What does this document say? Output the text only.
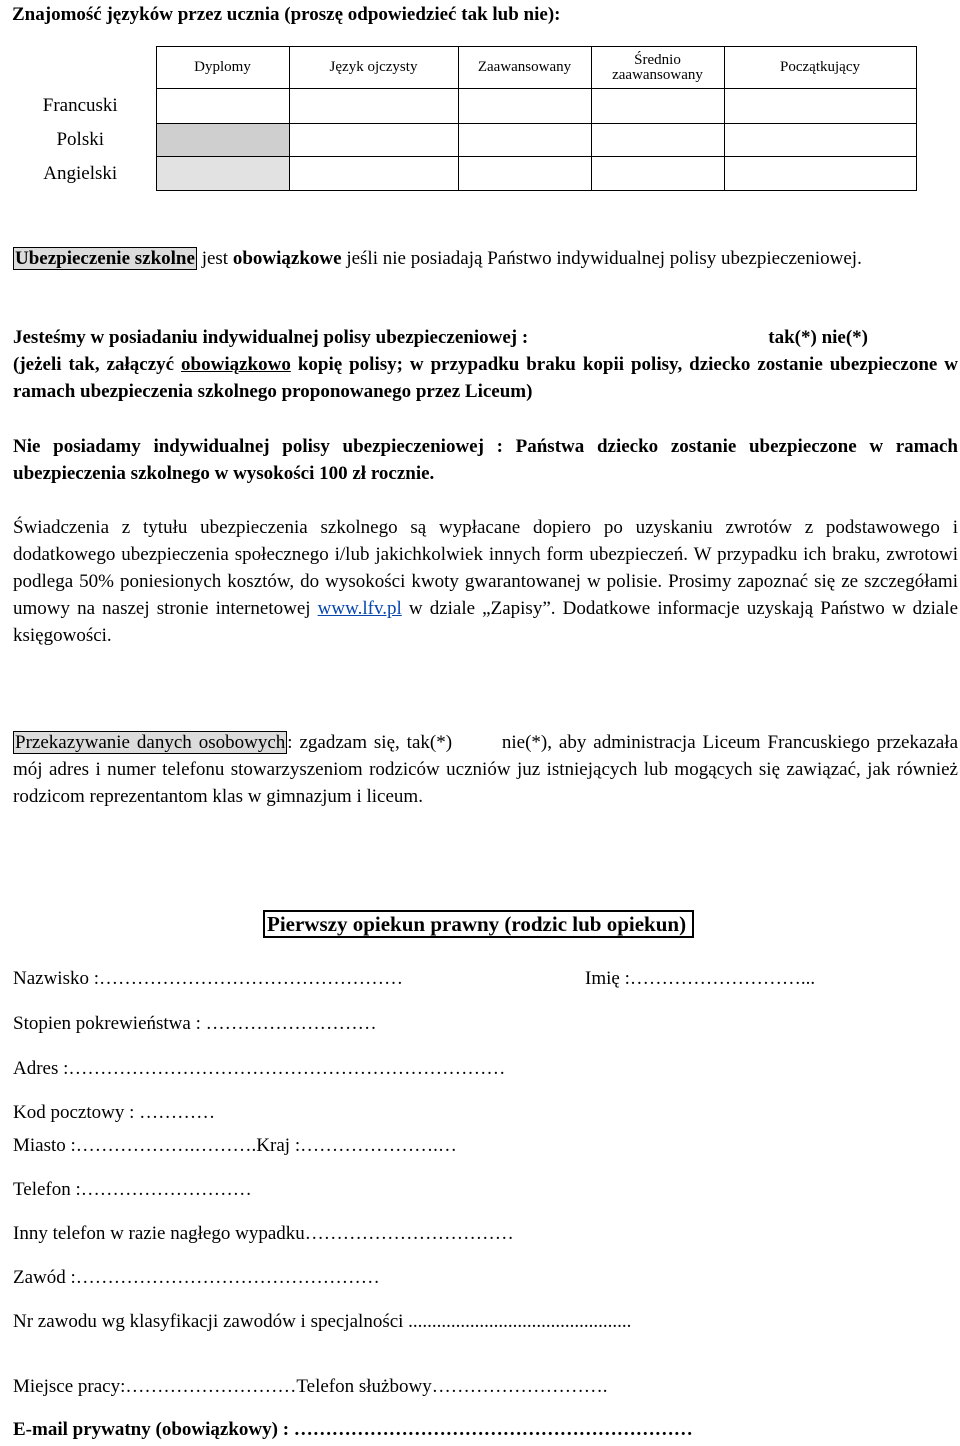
Znajomość języków przez ucznia (proszę odpowiedzieć tak lub nie):
	Dyplomy	Język ojczysty	Zaawansowany	Średnio zaawansowany	Początkujący
Francuski					
Polski					
Angielski					
Ubezpieczenie szkolne jest obowiązkowe jeśli nie posiadają Państwo indywidualnej polisy ubezpieczeniowej.
Jesteśmy w posiadaniu indywidualnej polisy ubezpieczeniowej :	tak(*) nie(*)
(jeżeli tak, załączyć obowiązkowo kopię polisy; w przypadku braku kopii polisy, dziecko zostanie ubezpieczone w ramach ubezpieczenia szkolnego proponowanego przez Liceum)
Nie posiadamy indywidualnej polisy ubezpieczeniowej : Państwa dziecko zostanie ubezpieczone w ramach ubezpieczenia szkolnego w wysokości 100 zł rocznie.
Świadczenia z tytułu ubezpieczenia szkolnego są wypłacane dopiero po uzyskaniu zwrotów z podstawowego i dodatkowego ubezpieczenia społecznego i/lub jakichkolwiek innych form ubezpieczeń. W przypadku ich braku, zwrotowi podlega 50% poniesionych kosztów, do wysokości kwoty gwarantowanej w polisie. Prosimy zapoznać się ze szczegółami umowy na naszej stronie internetowej www.lfv.pl w dziale „Zapisy”. Dodatkowe informacje uzyskają Państwo w dziale księgowości.
Przekazywanie danych osobowych : zgadzam się, tak(*)	nie(*), aby administracja Liceum Francuskiego przekazała mój adres i numer telefonu stowarzyszeniom rodziców uczniów juz istniejących lub mogących się zawiązać, jak również rodzicom reprezentantom klas w gimnazjum i liceum.
Pierwszy opiekun prawny (rodzic lub opiekun)
Nazwisko :…………………………………………	Imię :………………………...
Stopien pokrewieństwa : ………………………
Adres :……………………………………………………………
Kod pocztowy : …………
Miasto :……………….……….Kraj :………………….…
Telefon :………………………
Inny telefon w razie nagłego wypadku……………………………
Zawód :…………………………………………
Nr zawodu wg klasyfikacji zawodów i specjalności ...............................................
Miejsce pracy:………………………Telefon służbowy……………………….
E-mail prywatny (obowiązkowy) : ………………………………………………………
